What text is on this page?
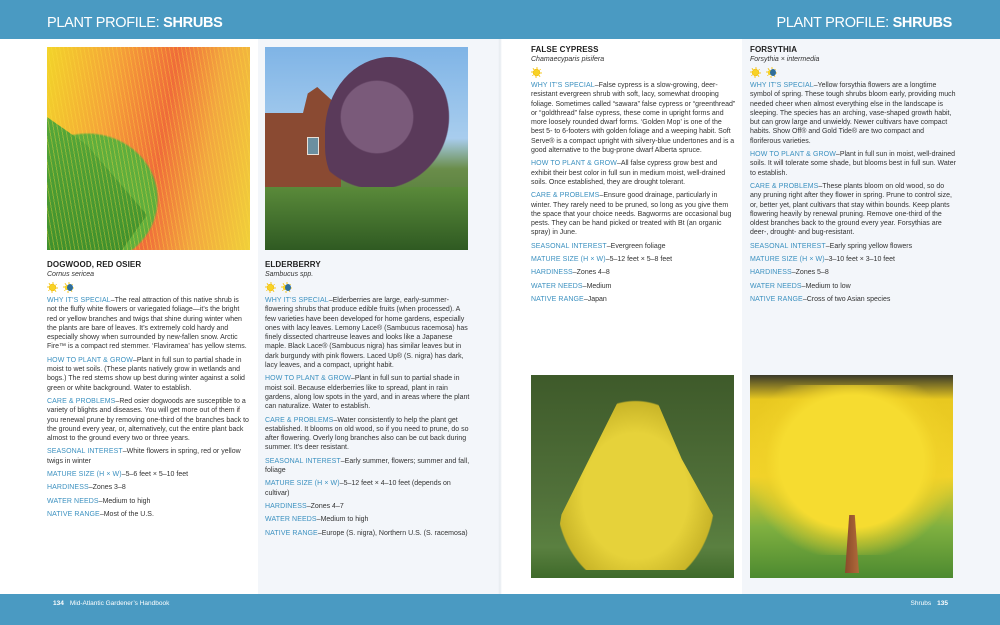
PLANT PROFILE: SHRUBS	PLANT PROFILE: SHRUBS
DOGWOOD, RED OSIER
Cornus sericea
WHY IT’S SPECIAL–The real attraction of this native shrub is not the fluffy white flowers or variegated foliage—it’s the bright red or yellow branches and twigs that shine during winter when the plants are bare of leaves. It’s extremely cold hardy and especially showy when surrounded by new-fallen snow. Arctic Fire™ is a compact red stemmer. ‘Flaviramea’ has yellow stems.
HOW TO PLANT & GROW–Plant in full sun to partial shade in moist to wet soils. (These plants natively grow in wetlands and bogs.) The red stems show up best during winter against a solid green or white background. Water to establish.
CARE & PROBLEMS–Red osier dogwoods are susceptible to a variety of blights and diseases. You will get more out of them if you renewal prune by removing one-third of the branches back to the ground every year, or, alternatively, cut the entire plant back almost to the ground every two or three years.
SEASONAL INTEREST–White flowers in spring, red or yellow twigs in winter
MATURE SIZE (H × W)–5–6 feet × 5–10 feet
HARDINESS–Zones 3–8
WATER NEEDS–Medium to high
NATIVE RANGE–Most of the U.S.
ELDERBERRY
Sambucus spp.
WHY IT’S SPECIAL–Elderberries are large, early-summer-flowering shrubs that produce edible fruits (when processed). A few varieties have been developed for home gardens, especially ones with lacy leaves. Lemony Lace® (Sambucus racemosa) has finely dissected chartreuse leaves and looks like a Japanese maple. Black Lace® (Sambucus nigra) has similar leaves but in dark burgundy with pink flowers. Laced Up® (S. nigra) has dark, lacy leaves, and a compact, upright habit.
HOW TO PLANT & GROW–Plant in full sun to partial shade in moist soil. Because elderberries like to spread, plant in rain gardens, along low spots in the yard, and in areas where the plant can naturalize. Water to establish.
CARE & PROBLEMS–Water consistently to help the plant get established. It blooms on old wood, so if you need to prune, do so after flowering. Overly long branches also can be cut back during summer. It’s deer resistant.
SEASONAL INTEREST–Early summer, flowers; summer and fall, foliage
MATURE SIZE (H × W)–5–12 feet × 4–10 feet (depends on cultivar)
HARDINESS–Zones 4–7
WATER NEEDS–Medium to high
NATIVE RANGE–Europe (S. nigra), Northern U.S. (S. racemosa)
FALSE CYPRESS
Chamaecyparis pisifera
WHY IT’S SPECIAL–False cypress is a slow-growing, deer-resistant evergreen shrub with soft, lacy, somewhat drooping foliage. Sometimes called “sawara” false cypress or “greenthread” or “goldthread” false cypress, these come in upright forms and more loosely rounded dwarf forms. ‘Golden Mop’ is one of the best 5- to 6-footers with golden foliage and a weeping habit. Soft Serve® is a compact upright with silvery-blue undertones and is a good alternative to the bug-prone dwarf Alberta spruce.
HOW TO PLANT & GROW–All false cypress grow best and exhibit their best color in full sun in medium moist, well-drained soils. Once established, they are drought tolerant.
CARE & PROBLEMS–Ensure good drainage, particularly in winter. They rarely need to be pruned, so long as you give them the space that your choice needs. Bagworms are occasional bug pests. They can be hand picked or treated with Bt (an organic spray) in June.
SEASONAL INTEREST–Evergreen foliage
MATURE SIZE (H × W)–5–12 feet × 5–8 feet
HARDINESS–Zones 4–8
WATER NEEDS–Medium
NATIVE RANGE–Japan
FORSYTHIA
Forsythia × intermedia
WHY IT’S SPECIAL–Yellow forsythia flowers are a longtime symbol of spring. These tough shrubs bloom early, providing much needed cheer when almost everything else in the landscape is sleeping. The species has an arching, vase-shaped growth habit, but can grow large and unwieldy. Newer cultivars have compact habits. Show Off® and Gold Tide® are two compact and floriferous varieties.
HOW TO PLANT & GROW–Plant in full sun in moist, well-drained soils. It will tolerate some shade, but blooms best in full sun. Water to establish.
CARE & PROBLEMS–These plants bloom on old wood, so do any pruning right after they flower in spring. Prune to control size, or, better yet, plant cultivars that stay within bounds. Keep plants flowering heavily by renewal pruning. Remove one-third of the oldest branches back to the ground every year. Forsythias are deer-, drought- and bug-resistant.
SEASONAL INTEREST–Early spring yellow flowers
MATURE SIZE (H × W)–3–10 feet × 3–10 feet
HARDINESS–Zones 5–8
WATER NEEDS–Medium to low
NATIVE RANGE–Cross of two Asian species
134 Mid-Atlantic Gardener’s Handbook	Shrubs 135
